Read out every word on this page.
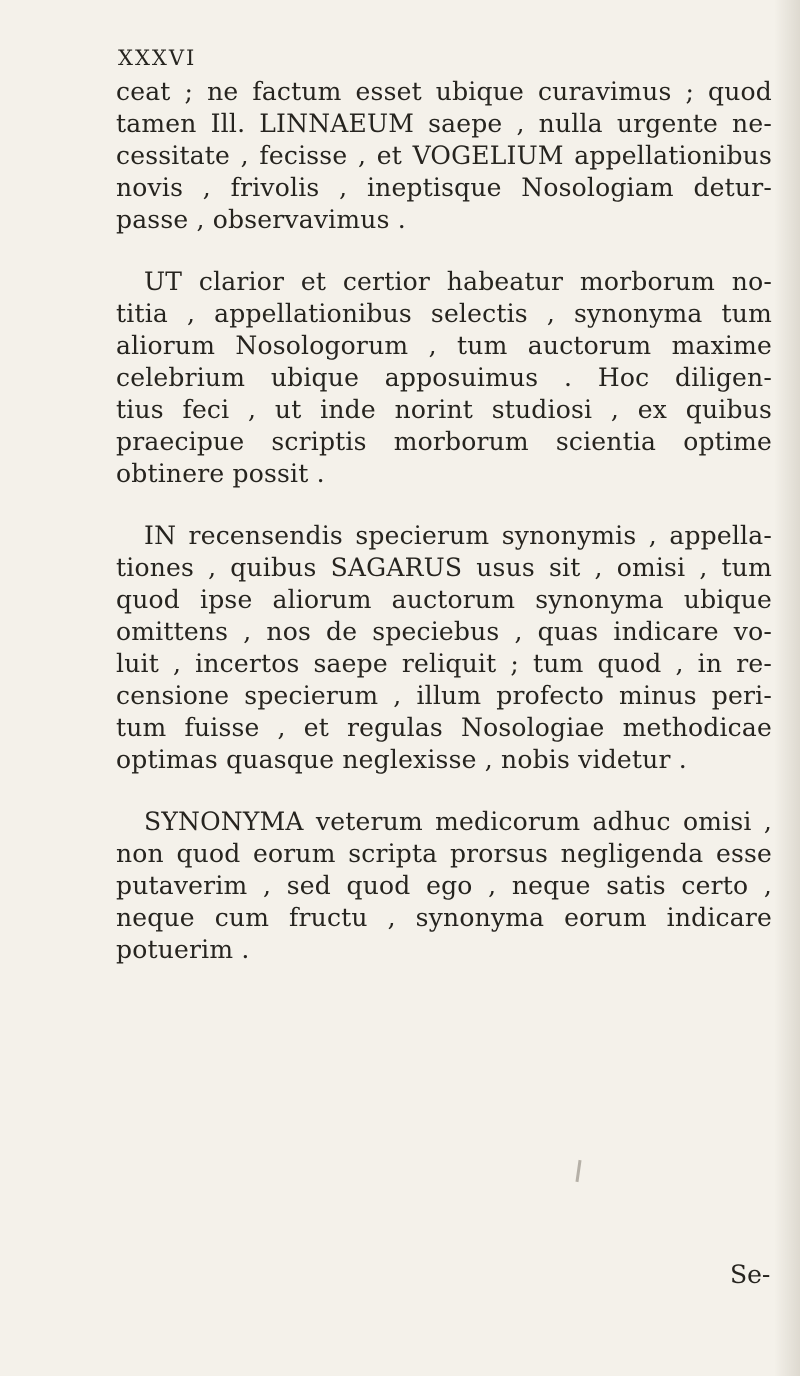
XXXVI
ceat ; ne factum esset ubique curavimus ; quod
tamen Ill. LINNAEUM saepe , nulla urgente ne-
cessitate , fecisse , et VOGELIUM appellationibus
novis , frivolis , ineptisque Nosologiam detur-
passe , observavimus .
UT clarior et certior habeatur morborum no-
titia , appellationibus selectis , synonyma tum
aliorum Nosologorum , tum auctorum maxime
celebrium ubique apposuimus . Hoc diligen-
tius feci , ut inde norint studiosi , ex quibus
praecipue scriptis morborum scientia optime
obtinere possit .
IN recensendis specierum synonymis , appella-
tiones , quibus SAGARUS usus sit , omisi , tum
quod ipse aliorum auctorum synonyma ubique
omittens , nos de speciebus , quas indicare vo-
luit , incertos saepe reliquit ; tum quod , in re-
censione specierum , illum profecto minus peri-
tum fuisse , et regulas Nosologiae methodicae
optimas quasque neglexisse , nobis videtur .
SYNONYMA veterum medicorum adhuc omisi ,
non quod eorum scripta prorsus negligenda esse
putaverim , sed quod ego , neque satis certo ,
neque cum fructu , synonyma eorum indicare
potuerim .
Se-
